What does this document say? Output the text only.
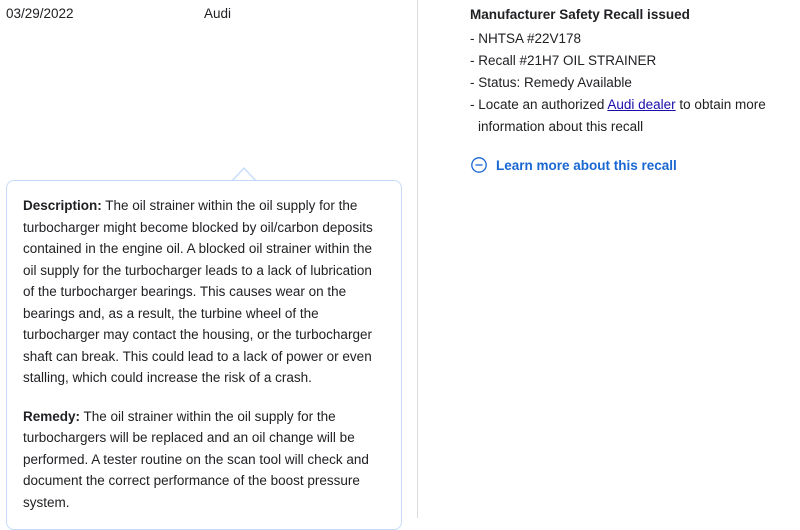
03/29/2022	Audi	Manufacturer Safety Recall issued
- NHTSA #22V178
- Recall #21H7 OIL STRAINER
- Status: Remedy Available
- Locate an authorized Audi dealer to obtain more
information about this recall
Learn more about this recall

Description: The oil strainer within the oil supply for the turbocharger might become blocked by oil/carbon deposits contained in the engine oil. A blocked oil strainer within the oil supply for the turbocharger leads to a lack of lubrication of the turbocharger bearings. This causes wear on the bearings and, as a result, the turbine wheel of the turbocharger may contact the housing, or the turbocharger shaft can break. This could lead to a lack of power or even stalling, which could increase the risk of a crash.

Remedy: The oil strainer within the oil supply for the turbochargers will be replaced and an oil change will be performed. A tester routine on the scan tool will check and document the correct performance of the boost pressure system.
